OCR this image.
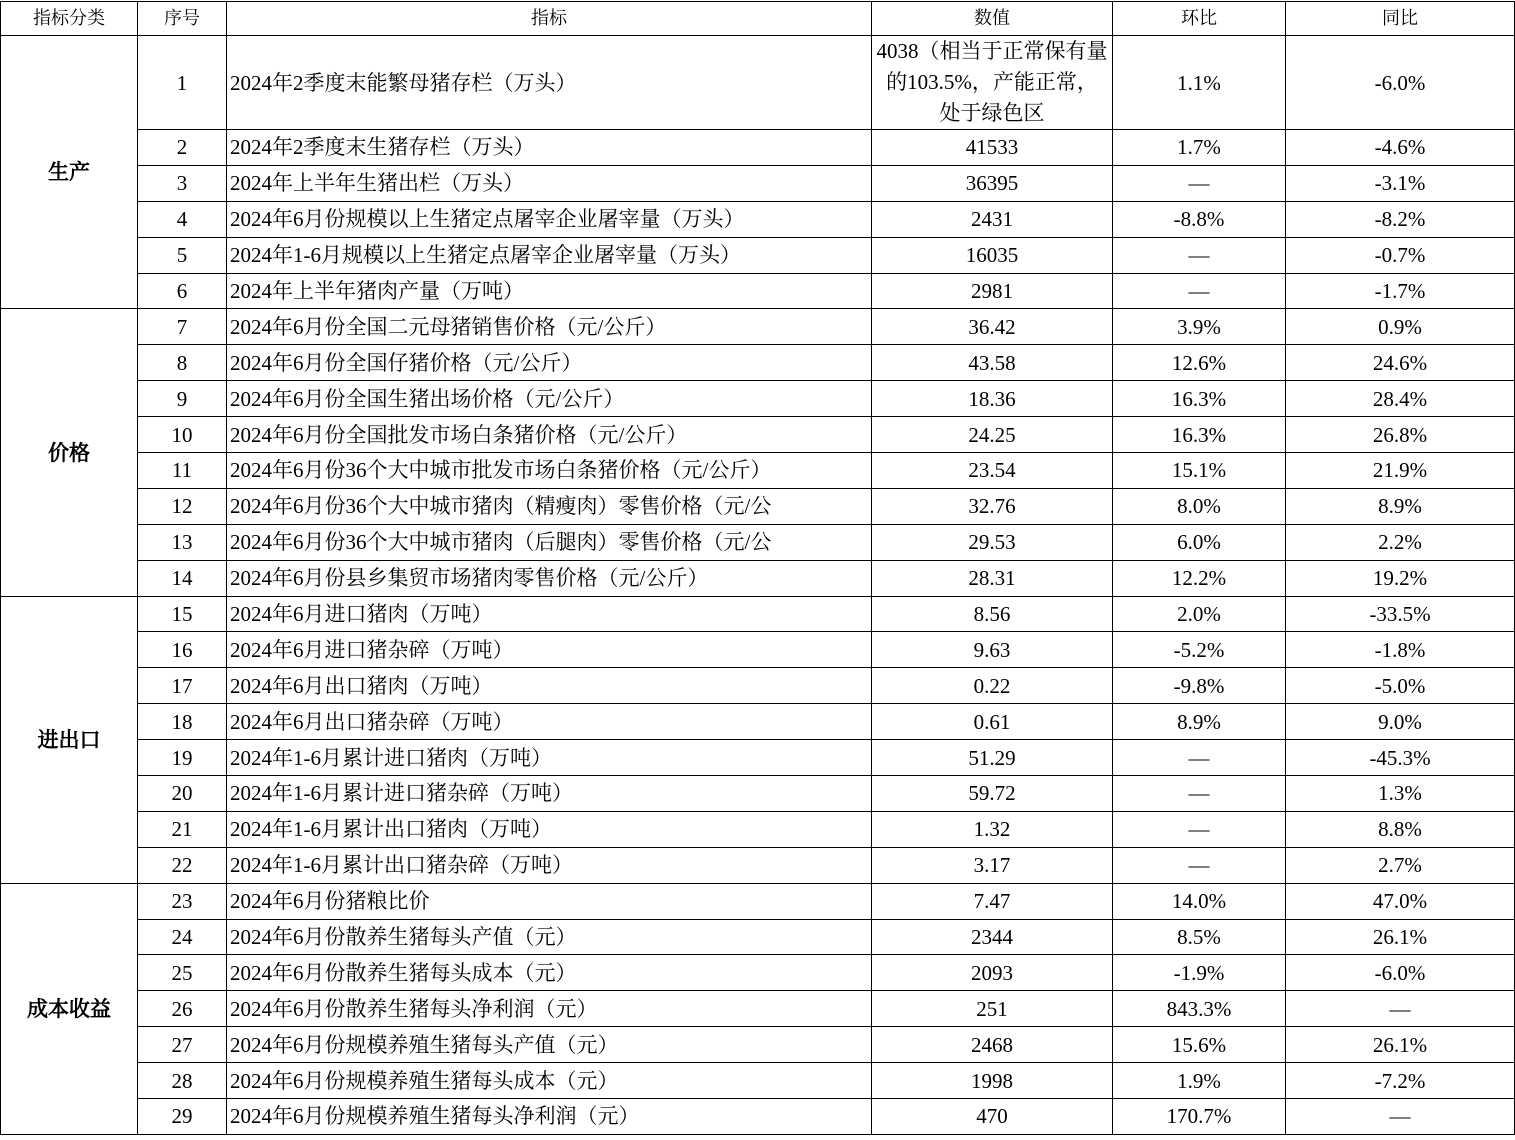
指标分类	序号	指标	数值	环比	同比
生产	1	2024年2季度末能繁母猪存栏（万头）	4038（相当于正常保有量的103.5%，产能正常，处于绿色区	1.1%	-6.0%
	2	2024年2季度末生猪存栏（万头）	41533	1.7%	-4.6%
	3	2024年上半年生猪出栏（万头）	36395	—	-3.1%
	4	2024年6月份规模以上生猪定点屠宰企业屠宰量（万头）	2431	-8.8%	-8.2%
	5	2024年1-6月规模以上生猪定点屠宰企业屠宰量（万头）	16035	—	-0.7%
	6	2024年上半年猪肉产量（万吨）	2981	—	-1.7%
价格	7	2024年6月份全国二元母猪销售价格（元/公斤）	36.42	3.9%	0.9%
	8	2024年6月份全国仔猪价格（元/公斤）	43.58	12.6%	24.6%
	9	2024年6月份全国生猪出场价格（元/公斤）	18.36	16.3%	28.4%
	10	2024年6月份全国批发市场白条猪价格（元/公斤）	24.25	16.3%	26.8%
	11	2024年6月份36个大中城市批发市场白条猪价格（元/公斤）	23.54	15.1%	21.9%
	12	2024年6月份36个大中城市猪肉（精瘦肉）零售价格（元/公	32.76	8.0%	8.9%
	13	2024年6月份36个大中城市猪肉（后腿肉）零售价格（元/公	29.53	6.0%	2.2%
	14	2024年6月份县乡集贸市场猪肉零售价格（元/公斤）	28.31	12.2%	19.2%
进出口	15	2024年6月进口猪肉（万吨）	8.56	2.0%	-33.5%
	16	2024年6月进口猪杂碎（万吨）	9.63	-5.2%	-1.8%
	17	2024年6月出口猪肉（万吨）	0.22	-9.8%	-5.0%
	18	2024年6月出口猪杂碎（万吨）	0.61	8.9%	9.0%
	19	2024年1-6月累计进口猪肉（万吨）	51.29	—	-45.3%
	20	2024年1-6月累计进口猪杂碎（万吨）	59.72	—	1.3%
	21	2024年1-6月累计出口猪肉（万吨）	1.32	—	8.8%
	22	2024年1-6月累计出口猪杂碎（万吨）	3.17	—	2.7%
成本收益	23	2024年6月份猪粮比价	7.47	14.0%	47.0%
	24	2024年6月份散养生猪每头产值（元）	2344	8.5%	26.1%
	25	2024年6月份散养生猪每头成本（元）	2093	-1.9%	-6.0%
	26	2024年6月份散养生猪每头净利润（元）	251	843.3%	—
	27	2024年6月份规模养殖生猪每头产值（元）	2468	15.6%	26.1%
	28	2024年6月份规模养殖生猪每头成本（元）	1998	1.9%	-7.2%
	29	2024年6月份规模养殖生猪每头净利润（元）	470	170.7%	—
